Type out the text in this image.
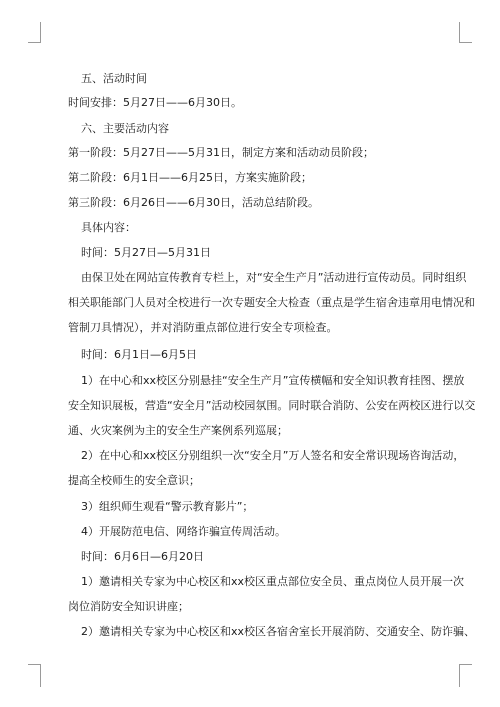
五、活动时间
时间安排：5月27日——6月30日。
六、主要活动内容
第一阶段：5月27日——5月31日，制定方案和活动动员阶段；
第二阶段：6月1日——6月25日，方案实施阶段；
第三阶段：6月26日——6月30日，活动总结阶段。
具体内容：
时间：5月27日—5月31日
由保卫处在网站宣传教育专栏上，对“安全生产月”活动进行宣传动员。同时组织
相关职能部门人员对全校进行一次专题安全大检查（重点是学生宿舍违章用电情况和
管制刀具情况），并对消防重点部位进行安全专项检查。
时间：6月1日—6月5日
1）在中心和xx校区分别悬挂“安全生产月”宣传横幅和安全知识教育挂图、摆放
安全知识展板，营造“安全月”活动校园氛围。同时联合消防、公安在两校区进行以交
通、火灾案例为主的安全生产案例系列巡展；
2）在中心和xx校区分别组织一次“安全月”万人签名和安全常识现场咨询活动，
提高全校师生的安全意识；
3）组织师生观看“警示教育影片”；
4）开展防范电信、网络诈骗宣传周活动。
时间：6月6日—6月20日
1）邀请相关专家为中心校区和xx校区重点部位安全员、重点岗位人员开展一次
岗位消防安全知识讲座；
2）邀请相关专家为中心校区和xx校区各宿舍室长开展消防、交通安全、防诈骗、
